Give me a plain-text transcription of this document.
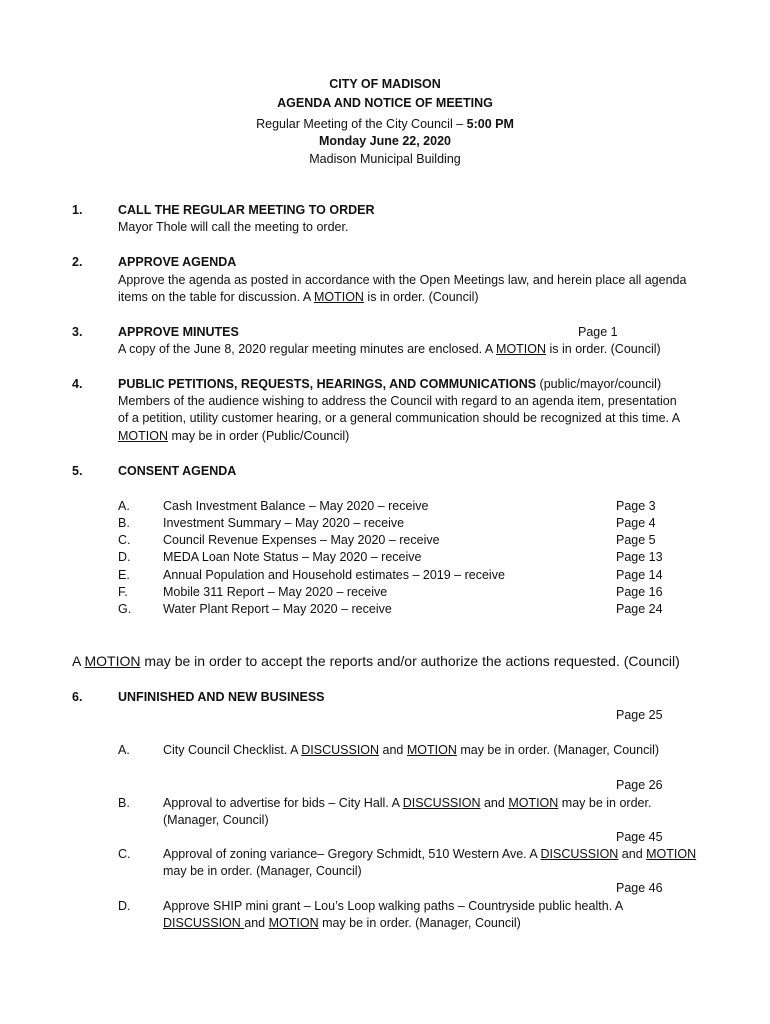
CITY OF MADISON
AGENDA AND NOTICE OF MEETING
Regular Meeting of the City Council – 5:00 PM
Monday June 22, 2020
Madison Municipal Building
1.	CALL THE REGULAR MEETING TO ORDER
Mayor Thole will call the meeting to order.
2.	APPROVE AGENDA
Approve the agenda as posted in accordance with the Open Meetings law, and herein place all agenda
items on the table for discussion. A MOTION is in order. (Council)
3.	APPROVE MINUTES	Page 1
A copy of the June 8, 2020 regular meeting minutes are enclosed. A MOTION is in order. (Council)
4.	PUBLIC PETITIONS, REQUESTS, HEARINGS, AND COMMUNICATIONS (public/mayor/council)
Members of the audience wishing to address the Council with regard to an agenda item, presentation
of a petition, utility customer hearing, or a general communication should be recognized at this time. A
MOTION may be in order (Public/Council)
5.	CONSENT AGENDA
A.	Cash Investment Balance – May 2020 – receive	Page 3
B.	Investment Summary – May 2020 – receive	Page 4
C.	Council Revenue Expenses – May 2020 – receive	Page 5
D.	MEDA Loan Note Status – May 2020 – receive	Page 13
E.	Annual Population and Household estimates – 2019 – receive	Page 14
F.	Mobile 311 Report – May 2020 – receive	Page 16
G.	Water Plant Report – May 2020 – receive	Page 24
A MOTION may be in order to accept the reports and/or authorize the actions requested. (Council)
6.	UNFINISHED AND NEW BUSINESS
Page 25
A.	City Council Checklist. A DISCUSSION and MOTION may be in order. (Manager, Council)
Page 26
B.	Approval to advertise for bids – City Hall. A DISCUSSION and MOTION may be in order.
(Manager, Council)
Page 45
C.	Approval of zoning variance– Gregory Schmidt, 510 Western Ave. A DISCUSSION and MOTION
may be in order. (Manager, Council)
Page 46
D.	Approve SHIP mini grant – Lou’s Loop walking paths – Countryside public health. A
DISCUSSION and MOTION may be in order. (Manager, Council)
